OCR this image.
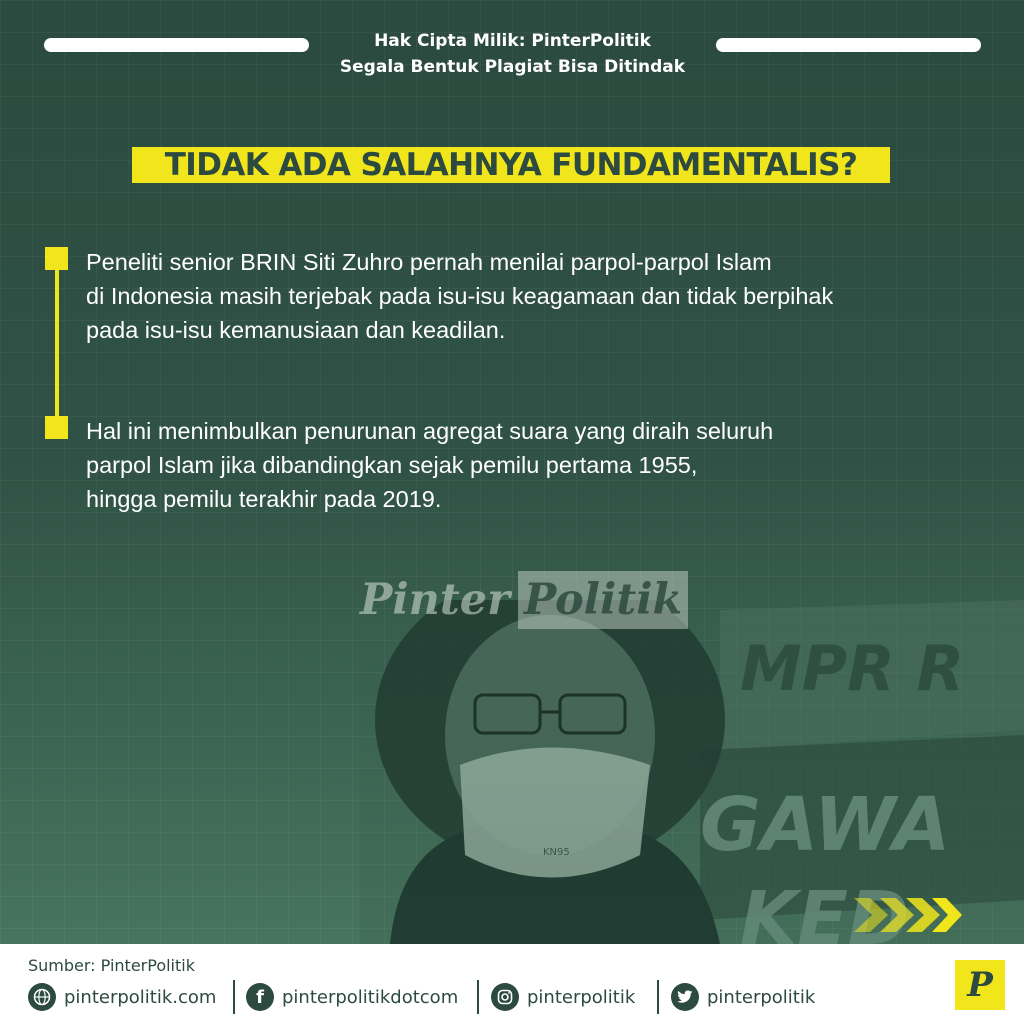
Hak Cipta Milik: PinterPolitik
Segala Bentuk Plagiat Bisa Ditindak
TIDAK ADA SALAHNYA FUNDAMENTALIS?
Peneliti senior BRIN Siti Zuhro pernah menilai parpol-parpol Islam
di Indonesia masih terjebak pada isu-isu keagamaan dan tidak berpihak
pada isu-isu kemanusiaan dan keadilan.
Hal ini menimbulkan penurunan agregat suara yang diraih seluruh
parpol Islam jika dibandingkan sejak pemilu pertama 1955,
hingga pemilu terakhir pada 2019.
Pinter Politik
Sumber: PinterPolitik
pinterpolitik.com	f	pinterpolitikdotcom	pinterpolitik	pinterpolitik	P
